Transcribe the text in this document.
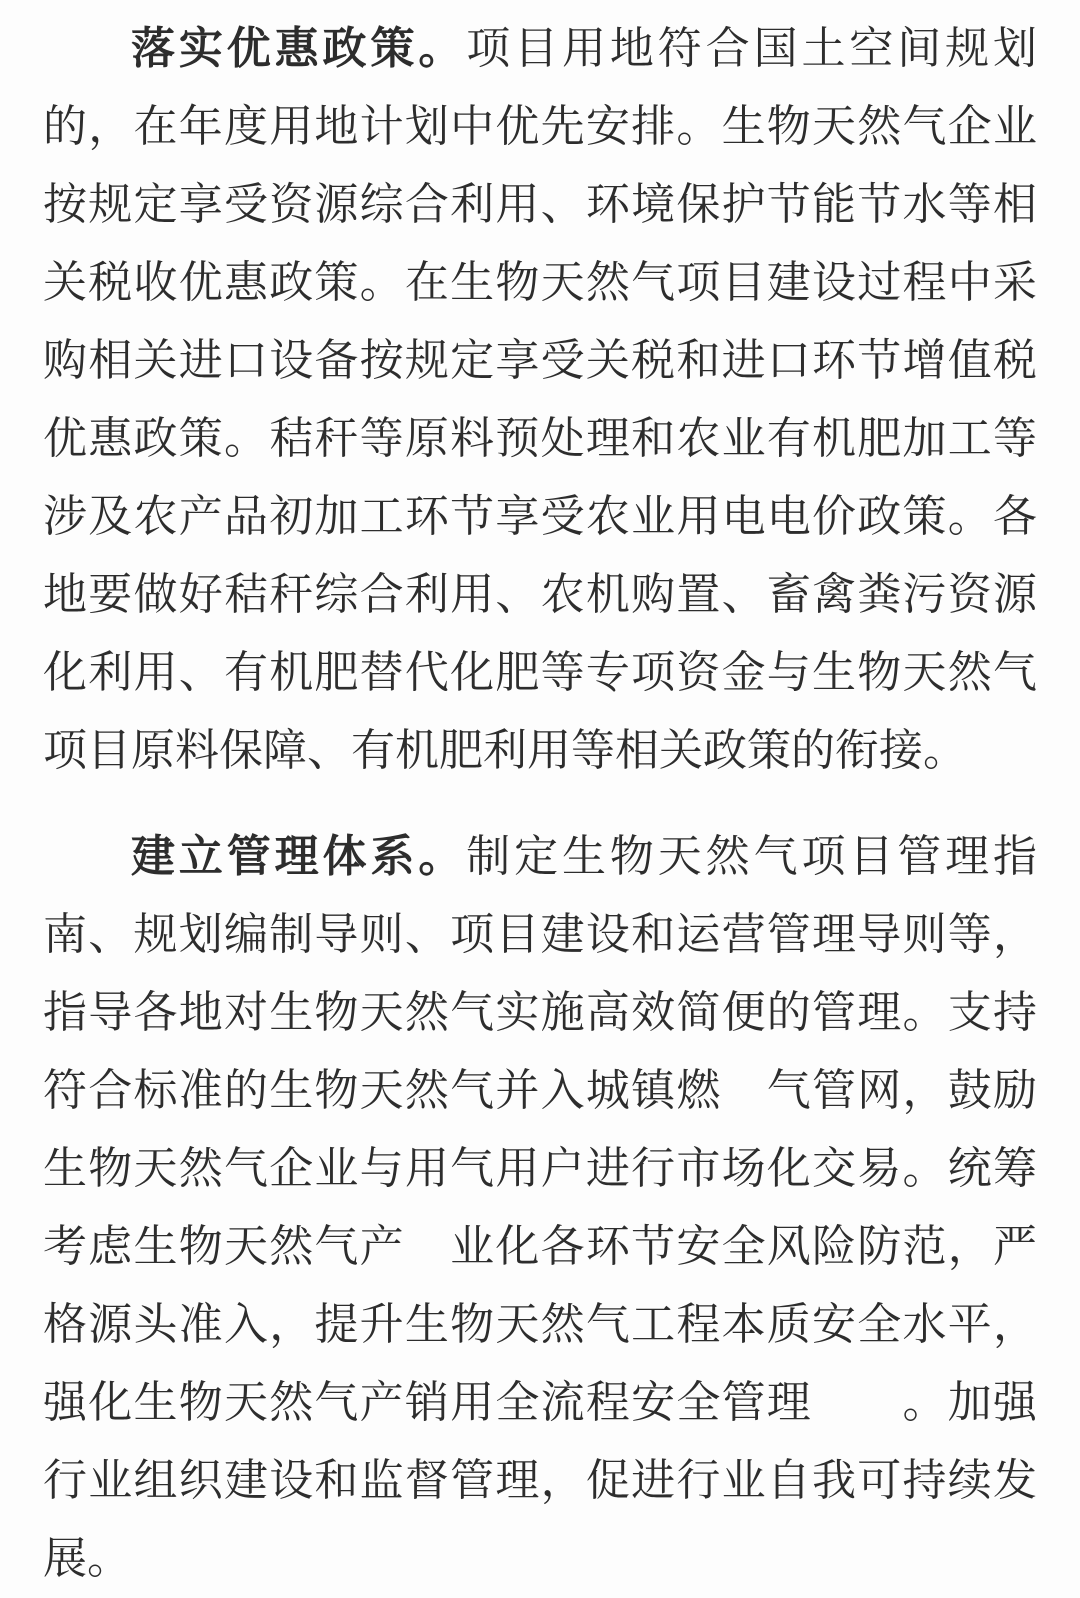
落实优惠政策。项目用地符合国土空间规划
的，在年度用地计划中优先安排。生物天然气企业
按规定享受资源综合利用、环境保护节能节水等相
关税收优惠政策。在生物天然气项目建设过程中采
购相关进口设备按规定享受关税和进口环节增值税
优惠政策。秸秆等原料预处理和农业有机肥加工等
涉及农产品初加工环节享受农业用电电价政策。各
地要做好秸秆综合利用、农机购置、畜禽粪污资源
化利用、有机肥替代化肥等专项资金与生物天然气
项目原料保障、有机肥利用等相关政策的衔接。
建立管理体系。制定生物天然气项目管理指
南、规划编制导则、项目建设和运营管理导则等，
指导各地对生物天然气实施高效简便的管理。支持
符合标准的生物天然气并入城镇燃　气管网，鼓励
生物天然气企业与用气用户进行市场化交易。统筹
考虑生物天然气产　业化各环节安全风险防范，严
格源头准入，提升生物天然气工程本质安全水平，
强化生物天然气产销用全流程安全管理　　。加强
行业组织建设和监督管理，促进行业自我可持续发
展。
